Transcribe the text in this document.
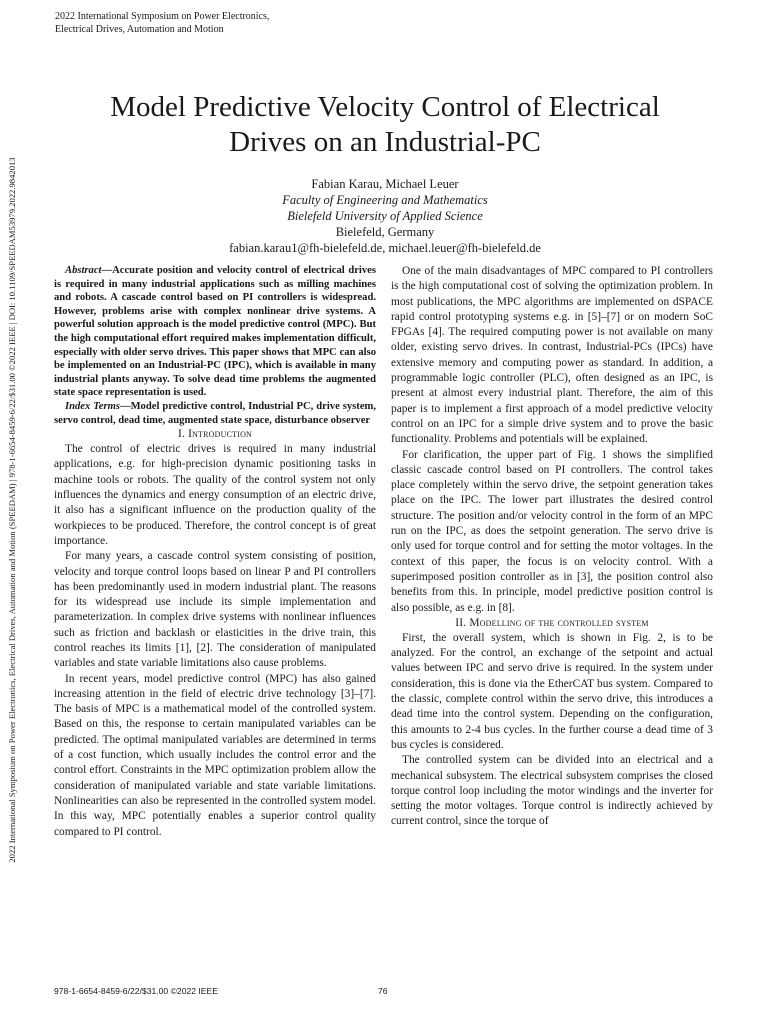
2022 International Symposium on Power Electronics,
Electrical Drives, Automation and Motion
2022 International Symposium on Power Electronics, Electrical Drives, Automation and Motion (SPEEDAM) | 978-1-6654-8459-6/22/$31.00 ©2022 IEEE | DOI: 10.1109/SPEEDAM53979.2022.9842013
Model Predictive Velocity Control of Electrical
Drives on an Industrial-PC
Fabian Karau, Michael Leuer
Faculty of Engineering and Mathematics
Bielefeld University of Applied Science
Bielefeld, Germany
fabian.karau1@fh-bielefeld.de, michael.leuer@fh-bielefeld.de

Abstract—Accurate position and velocity control of electrical drives is required in many industrial applications such as milling machines and robots. A cascade control based on PI controllers is widespread. However, problems arise with complex nonlinear drive systems. A powerful solution approach is the model predictive control (MPC). But the high computational effort required makes implementation difficult, especially with older servo drives. This paper shows that MPC can also be implemented on an Industrial-PC (IPC), which is available in many industrial plants anyway. To solve dead time problems the augmented state space representation is used.

Index Terms—Model predictive control, Industrial PC, drive system, servo control, dead time, augmented state space, disturbance observer

I. Introduction

The control of electric drives is required in many industrial applications, e.g. for high-precision dynamic positioning tasks in machine tools or robots. The quality of the control system not only influences the dynamics and energy consumption of an electric drive, it also has a significant influence on the production quality of the workpieces to be produced. Therefore, the control concept is of great importance.

For many years, a cascade control system consisting of position, velocity and torque control loops based on linear P and PI controllers has been predominantly used in modern industrial plant. The reasons for its widespread use include its simple implementation and parameterization. In complex drive systems with nonlinear influences such as friction and backlash or elasticities in the drive train, this control reaches its limits [1], [2]. The consideration of manipulated variables and state variable limitations also cause problems.

In recent years, model predictive control (MPC) has also gained increasing attention in the field of electric drive technology [3]–[7]. The basis of MPC is a mathematical model of the controlled system. Based on this, the response to certain manipulated variables can be predicted. The optimal manipulated variables are determined in terms of a cost function, which usually includes the control error and the control effort. Constraints in the MPC optimization problem allow the consideration of manipulated variable and state variable limitations. Nonlinearities can also be represented in the controlled system model. In this way, MPC potentially enables a superior control quality compared to PI control.

One of the main disadvantages of MPC compared to PI controllers is the high computational cost of solving the optimization problem. In most publications, the MPC algorithms are implemented on dSPACE rapid control prototyping systems e.g. in [5]–[7] or on modern SoC FPGAs [4]. The required computing power is not available on many older, existing servo drives. In contrast, Industrial-PCs (IPCs) have extensive memory and computing power as standard. In addition, a programmable logic controller (PLC), often designed as an IPC, is present at almost every industrial plant. Therefore, the aim of this paper is to implement a first approach of a model predictive velocity control on an IPC for a simple drive system and to prove the basic functionality. Problems and potentials will be explained.

For clarification, the upper part of Fig. 1 shows the simplified classic cascade control based on PI controllers. The control takes place completely within the servo drive, the setpoint generation takes place on the IPC. The lower part illustrates the desired control structure. The position and/or velocity control in the form of an MPC run on the IPC, as does the setpoint generation. The servo drive is only used for torque control and for setting the motor voltages. In the context of this paper, the focus is on velocity control. With a superimposed position controller as in [3], the position control also benefits from this. In principle, model predictive position control is also possible, as e.g. in [8].

II. Modelling of the controlled system

First, the overall system, which is shown in Fig. 2, is to be analyzed. For the control, an exchange of the setpoint and actual values between IPC and servo drive is required. In the system under consideration, this is done via the EtherCAT bus system. Compared to the classic, complete control within the servo drive, this introduces a dead time into the control system. Depending on the configuration, this amounts to 2-4 bus cycles. In the further course a dead time of 3 bus cycles is considered.

The controlled system can be divided into an electrical and a mechanical subsystem. The electrical subsystem comprises the closed torque control loop including the motor windings and the inverter for setting the motor voltages. Torque control is indirectly achieved by current control, since the torque of

978-1-6654-8459-6/22/$31.00 ©2022 IEEE	76
